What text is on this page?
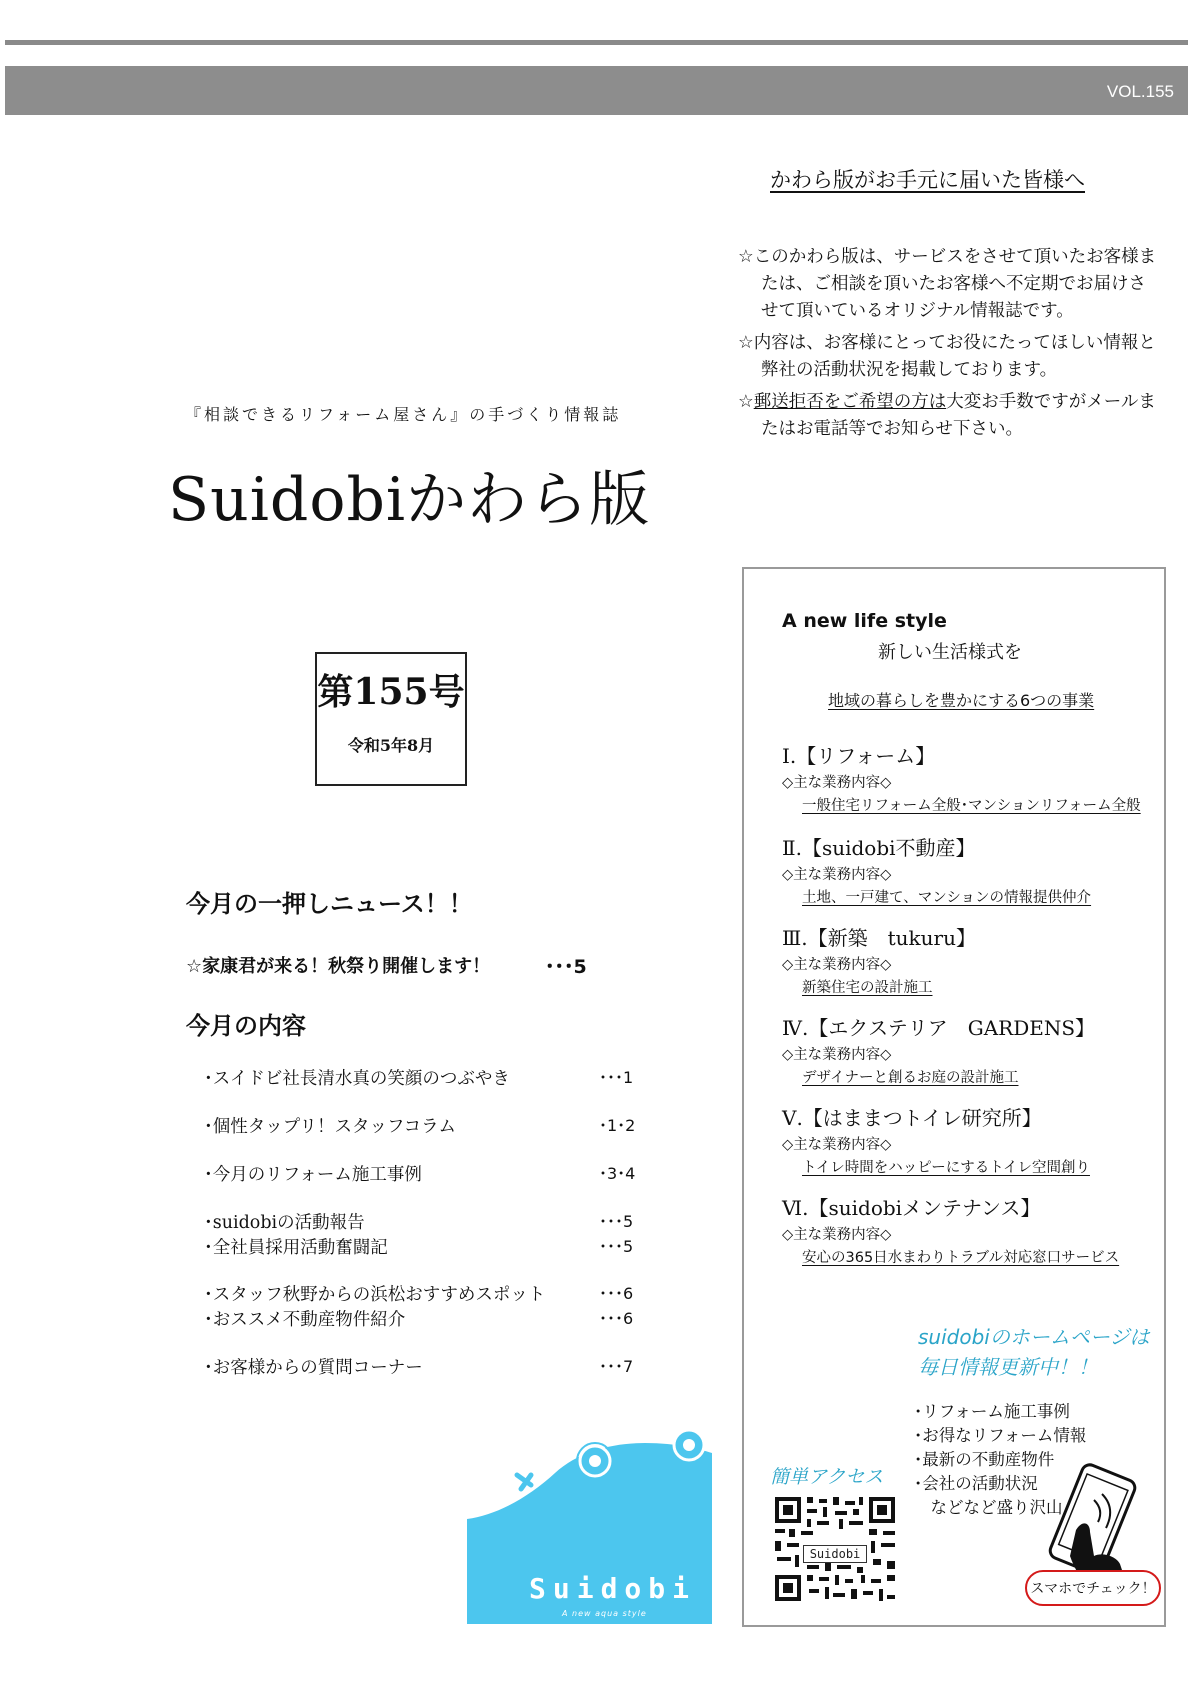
VOL.155
かわら版がお手元に届いた皆様へ

☆このかわら版は、サービスをさせて頂いたお客様または、ご相談を頂いたお客様へ不定期でお届けさせて頂いているオリジナル情報誌です。

☆内容は、お客様にとってお役にたってほしい情報と弊社の活動状況を掲載しております。

☆郵送拒否をご希望の方は大変お手数ですがメールまたはお電話等でお知らせ下さい。

『相談できるリフォーム屋さん』の手づくり情報誌
Suidobiかわら版
第155号
令和5年8月
今月の一押しニュース！！
☆家康君が来る！秋祭り開催します！	･･･5
今月の内容
･スイドビ社長清水真の笑顔のつぶやき	･･･1
･個性タップリ！スタッフコラム	･1･2
･今月のリフォーム施工事例	･3･4
･suidobiの活動報告	･･･5
･全社員採用活動奮闘記	･･･5
･スタッフ秋野からの浜松おすすめスポット	･･･6
･おススメ不動産物件紹介	･･･6
･お客様からの質問コーナー	･･･7
A new life style
新しい生活様式を
地域の暮らしを豊かにする6つの事業
Ⅰ.【リフォーム】
◇主な業務内容◇
一般住宅リフォーム全般･マンションリフォーム全般
Ⅱ.【suidobi不動産】
◇主な業務内容◇
土地、一戸建て、マンションの情報提供仲介
Ⅲ.【新築　tukuru】
◇主な業務内容◇
新築住宅の設計施工
Ⅳ.【エクステリア　GARDENS】
◇主な業務内容◇
デザイナーと創るお庭の設計施工
Ⅴ.【はままつトイレ研究所】
◇主な業務内容◇
トイレ時間をハッピーにするトイレ空間創り
Ⅵ.【suidobiメンテナンス】
◇主な業務内容◇
安心の365日水まわりトラブル対応窓口サービス
suidobiのホームページは
毎日情報更新中！！
･リフォーム施工事例
･お得なリフォーム情報
･最新の不動産物件
･会社の活動状況
　などなど盛り沢山
簡単アクセス
Suidobi
スマホでチェック！
Suidobi
A new aqua style
